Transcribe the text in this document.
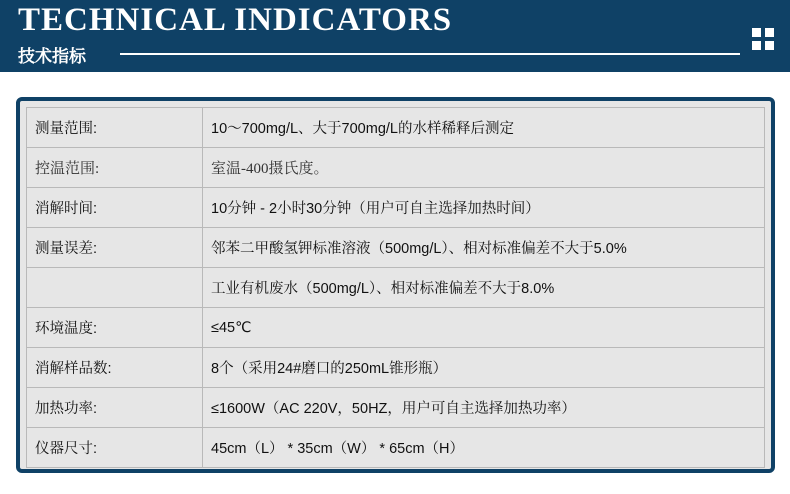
TECHNICAL INDICATORS
技术指标
测量范围:	10～700mg/L、大于700mg/L的水样稀释后测定
控温范围:	室温-400摄氏度。
消解时间:	10分钟 - 2小时30分钟（用户可自主选择加热时间）
测量误差:	邻苯二甲酸氢钾标准溶液（500mg/L）、相对标准偏差不大于5.0%
	工业有机废水（500mg/L）、相对标准偏差不大于8.0%
环境温度:	≤45℃
消解样品数:	8个（采用24#磨口的250mL锥形瓶）
加热功率:	≤1600W（AC 220V，50HZ，用户可自主选择加热功率）
仪器尺寸:	45cm（L） * 35cm（W） * 65cm（H）
